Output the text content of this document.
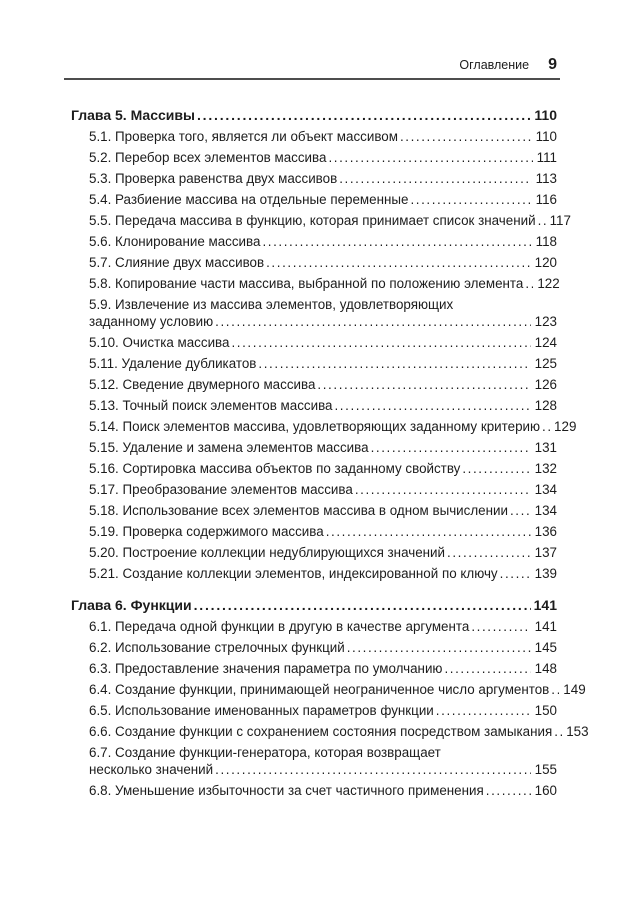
Оглавление 9
Глава 5. Массивы .....	110
5.1. Проверка того, является ли объект массивом .....	110
5.2. Перебор всех элементов массива .....	111
5.3. Проверка равенства двух массивов .....	113
5.4. Разбиение массива на отдельные переменные .....	116
5.5. Передача массива в функцию, которая принимает список значений ..... 117
5.6. Клонирование массива .....	118
5.7. Слияние двух массивов .....	120
5.8. Копирование части массива, выбранной по положению элемента ..... 122
5.9. Извлечение из массива элементов, удовлетворяющих
заданному условию .....	123
5.10. Очистка массива .....	124
5.11. Удаление дубликатов .....	125
5.12. Сведение двумерного массива .....	126
5.13. Точный поиск элементов массива .....	128
5.14. Поиск элементов массива, удовлетворяющих заданному критерию ..... 129
5.15. Удаление и замена элементов массива .....	131
5.16. Сортировка массива объектов по заданному свойству .....	132
5.17. Преобразование элементов массива .....	134
5.18. Использование всех элементов массива в одном вычислении ..... 134
5.19. Проверка содержимого массива .....	136
5.20. Построение коллекции недублирующихся значений .....	137
5.21. Создание коллекции элементов, индексированной по ключу .....	139
Глава 6. Функции .....	141
6.1. Передача одной функции в другую в качестве аргумента .....	141
6.2. Использование стрелочных функций .....	145
6.3. Предоставление значения параметра по умолчанию .....	148
6.4. Создание функции, принимающей неограниченное число аргументов ..... 149
6.5. Использование именованных параметров функции .....	150
6.6. Создание функции с сохранением состояния посредством замыкания ..... 153
6.7. Создание функции-генератора, которая возвращает
несколько значений .....	155
6.8. Уменьшение избыточности за счет частичного применения .....	160
